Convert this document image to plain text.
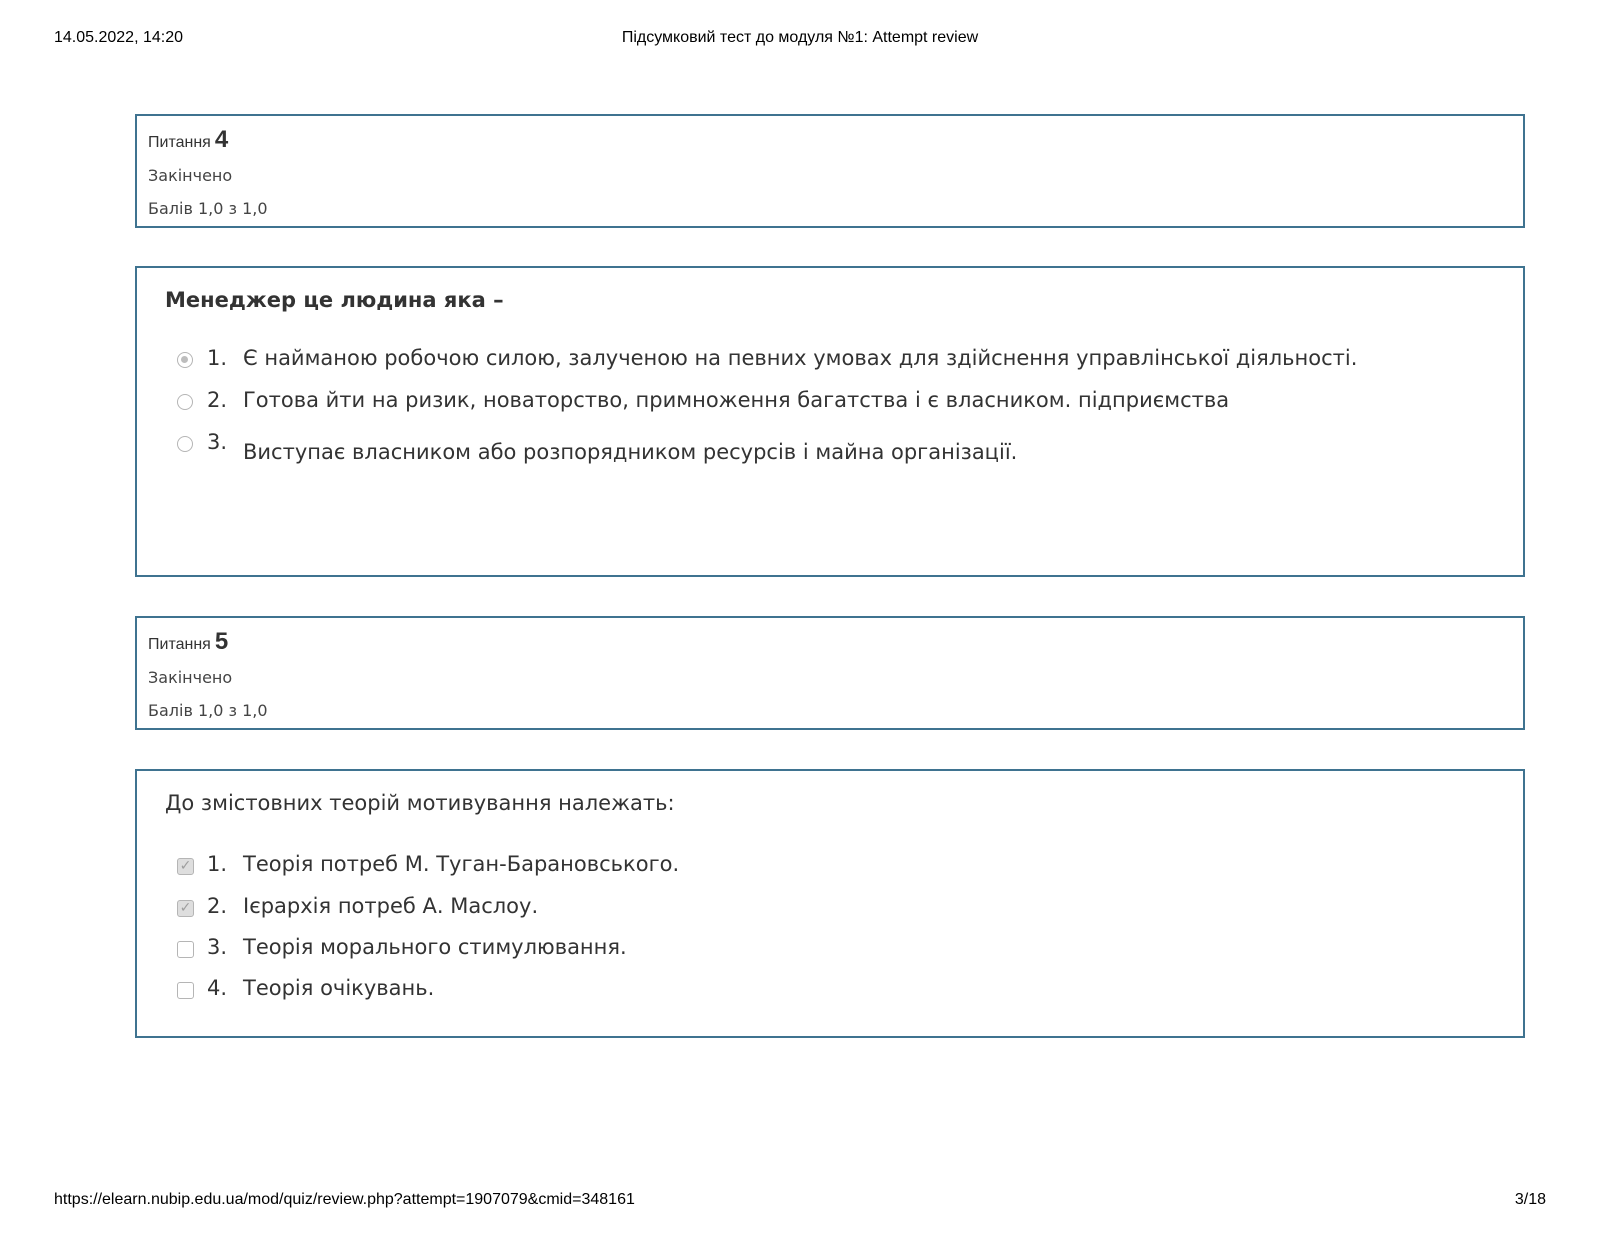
14.05.2022, 14:20	Підсумковий тест до модуля №1: Attempt review
Питання 4
Закінчено
Балів 1,0 з 1,0
Менеджер це людина яка –
1. Є найманою робочою силою, залученою на певних умовах для здійснення управлінської діяльності.
2. Готова йти на ризик, новаторство, примноження багатства і є власником. підприємства
3. Виступає власником або розпорядником ресурсів і майна організації.
Питання 5
Закінчено
Балів 1,0 з 1,0
До змістовних теорій мотивування належать:
✓ 1. Теорія потреб М. Туган-Барановського.
✓ 2. Ієрархія потреб А. Маслоу.
3. Теорія морального стимулювання.
4. Теорія очікувань.
https://elearn.nubip.edu.ua/mod/quiz/review.php?attempt=1907079&cmid=348161	3/18
